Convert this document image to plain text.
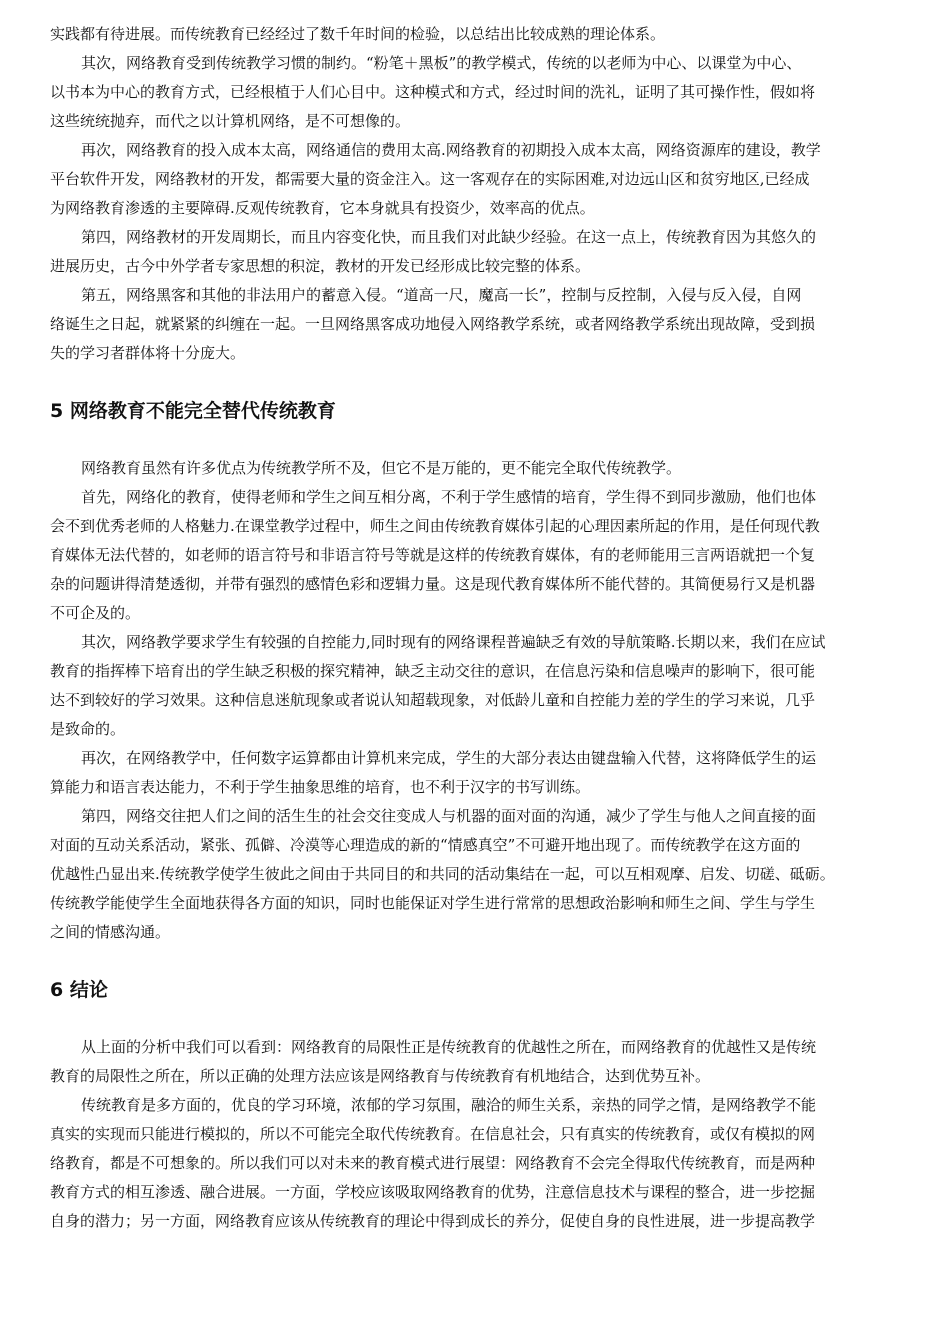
实践都有待进展。而传统教育已经经过了数千年时间的检验，以总结出比较成熟的理论体系。
其次，网络教育受到传统教学习惯的制约。“粉笔＋黑板”的教学模式，传统的以老师为中心、以课堂为中心、
以书本为中心的教育方式，已经根植于人们心目中。这种模式和方式，经过时间的洗礼，证明了其可操作性，假如将
这些统统抛弃，而代之以计算机网络，是不可想像的。
再次，网络教育的投入成本太高，网络通信的费用太高.网络教育的初期投入成本太高，网络资源库的建设，教学
平台软件开发，网络教材的开发，都需要大量的资金注入。这一客观存在的实际困难,对边远山区和贫穷地区,已经成
为网络教育渗透的主要障碍.反观传统教育，它本身就具有投资少，效率高的优点。
第四，网络教材的开发周期长，而且内容变化快，而且我们对此缺少经验。在这一点上，传统教育因为其悠久的
进展历史，古今中外学者专家思想的积淀，教材的开发已经形成比较完整的体系。
第五，网络黑客和其他的非法用户的蓄意入侵。“道高一尺，魔高一长”，控制与反控制，入侵与反入侵，自网
络诞生之日起，就紧紧的纠缠在一起。一旦网络黑客成功地侵入网络教学系统，或者网络教学系统出现故障，受到损
失的学习者群体将十分庞大。
5 网络教育不能完全替代传统教育
网络教育虽然有许多优点为传统教学所不及，但它不是万能的，更不能完全取代传统教学。
首先，网络化的教育，使得老师和学生之间互相分离，不利于学生感情的培育，学生得不到同步激励，他们也体
会不到优秀老师的人格魅力.在课堂教学过程中，师生之间由传统教育媒体引起的心理因素所起的作用，是任何现代教
育媒体无法代替的，如老师的语言符号和非语言符号等就是这样的传统教育媒体，有的老师能用三言两语就把一个复
杂的问题讲得清楚透彻，并带有强烈的感情色彩和逻辑力量。这是现代教育媒体所不能代替的。其简便易行又是机器
不可企及的。
其次，网络教学要求学生有较强的自控能力,同时现有的网络课程普遍缺乏有效的导航策略.长期以来，我们在应试
教育的指挥棒下培育出的学生缺乏积极的探究精神，缺乏主动交往的意识，在信息污染和信息噪声的影响下，很可能
达不到较好的学习效果。这种信息迷航现象或者说认知超载现象，对低龄儿童和自控能力差的学生的学习来说，几乎
是致命的。
再次，在网络教学中，任何数字运算都由计算机来完成，学生的大部分表达由键盘输入代替，这将降低学生的运
算能力和语言表达能力，不利于学生抽象思维的培育，也不利于汉字的书写训练。
第四，网络交往把人们之间的活生生的社会交往变成人与机器的面对面的沟通，减少了学生与他人之间直接的面
对面的互动关系活动，紧张、孤僻、冷漠等心理造成的新的“情感真空”不可避开地出现了。而传统教学在这方面的
优越性凸显出来.传统教学使学生彼此之间由于共同目的和共同的活动集结在一起，可以互相观摩、启发、切磋、砥砺。
传统教学能使学生全面地获得各方面的知识，同时也能保证对学生进行常常的思想政治影响和师生之间、学生与学生
之间的情感沟通。
6 结论
从上面的分析中我们可以看到：网络教育的局限性正是传统教育的优越性之所在，而网络教育的优越性又是传统
教育的局限性之所在，所以正确的处理方法应该是网络教育与传统教育有机地结合，达到优势互补。
传统教育是多方面的，优良的学习环境，浓郁的学习氛围，融洽的师生关系，亲热的同学之情，是网络教学不能
真实的实现而只能进行模拟的，所以不可能完全取代传统教育。在信息社会，只有真实的传统教育，或仅有模拟的网
络教育，都是不可想象的。所以我们可以对未来的教育模式进行展望：网络教育不会完全得取代传统教育，而是两种
教育方式的相互渗透、融合进展。一方面，学校应该吸取网络教育的优势，注意信息技术与课程的整合，进一步挖掘
自身的潜力；另一方面，网络教育应该从传统教育的理论中得到成长的养分，促使自身的良性进展，进一步提高教学
